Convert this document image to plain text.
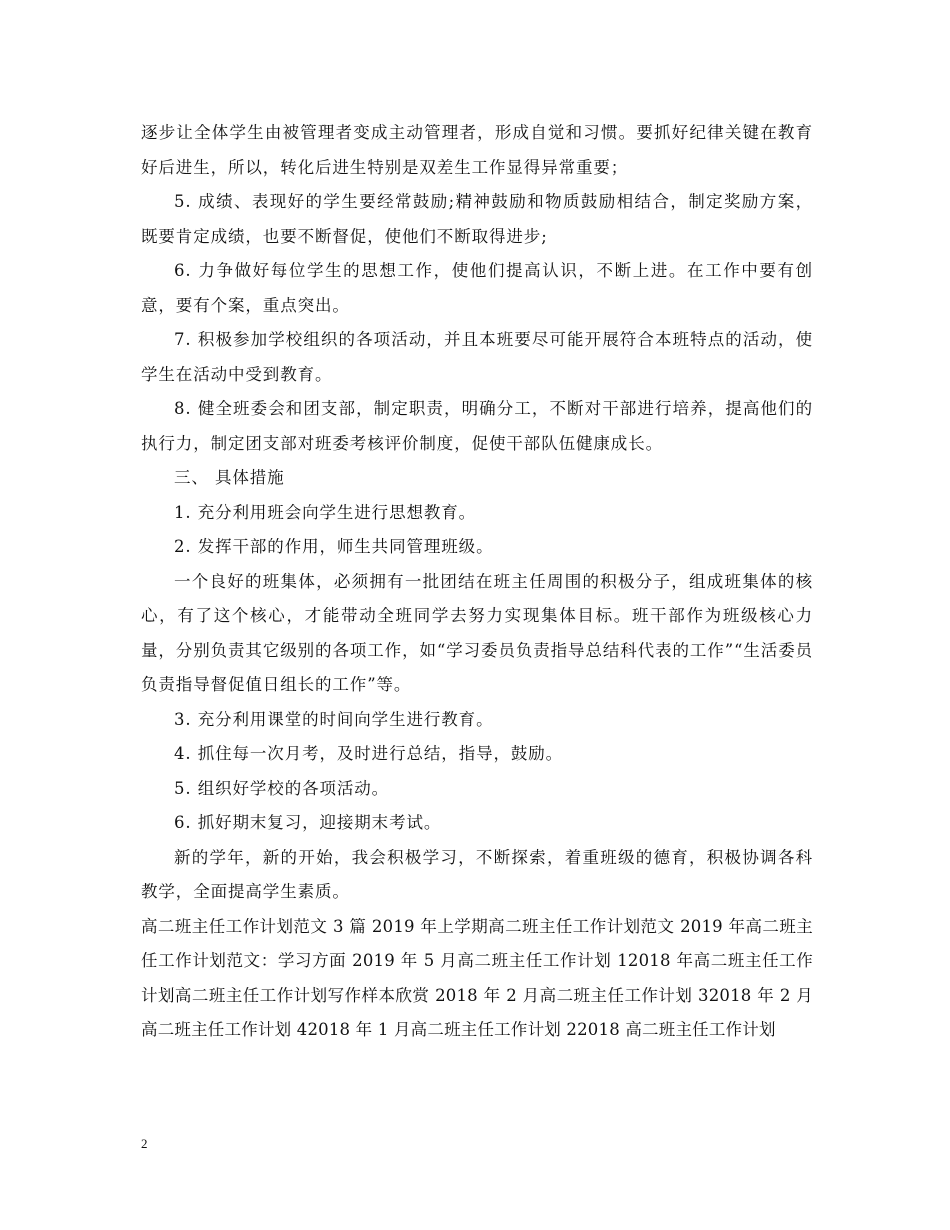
逐步让全体学生由被管理者变成主动管理者，形成自觉和习惯。要抓好纪律关键在教育好后进生，所以，转化后进生特别是双差生工作显得异常重要；

5. 成绩、表现好的学生要经常鼓励;精神鼓励和物质鼓励相结合，制定奖励方案，既要肯定成绩，也要不断督促，使他们不断取得进步;

6. 力争做好每位学生的思想工作，使他们提高认识，不断上进。在工作中要有创意，要有个案，重点突出。

7. 积极参加学校组织的各项活动，并且本班要尽可能开展符合本班特点的活动，使学生在活动中受到教育。

8. 健全班委会和团支部，制定职责，明确分工，不断对干部进行培养，提高他们的执行力，制定团支部对班委考核评价制度，促使干部队伍健康成长。

三、 具体措施

1. 充分利用班会向学生进行思想教育。

2. 发挥干部的作用，师生共同管理班级。

一个良好的班集体，必须拥有一批团结在班主任周围的积极分子，组成班集体的核心，有了这个核心，才能带动全班同学去努力实现集体目标。班干部作为班级核心力量，分别负责其它级别的各项工作，如“学习委员负责指导总结科代表的工作”“生活委员负责指导督促值日组长的工作”等。

3. 充分利用课堂的时间向学生进行教育。

4. 抓住每一次月考，及时进行总结，指导，鼓励。

5. 组织好学校的各项活动。

6. 抓好期末复习，迎接期末考试。

新的学年，新的开始，我会积极学习，不断探索，着重班级的德育，积极协调各科教学，全面提高学生素质。

高二班主任工作计划范文 3 篇 2019 年上学期高二班主任工作计划范文 2019 年高二班主任工作计划范文：学习方面 2019 年 5 月高二班主任工作计划 12018 年高二班主任工作计划高二班主任工作计划写作样本欣赏 2018 年 2 月高二班主任工作计划 32018 年 2 月高二班主任工作计划 42018 年 1 月高二班主任工作计划 22018 高二班主任工作计划

2
